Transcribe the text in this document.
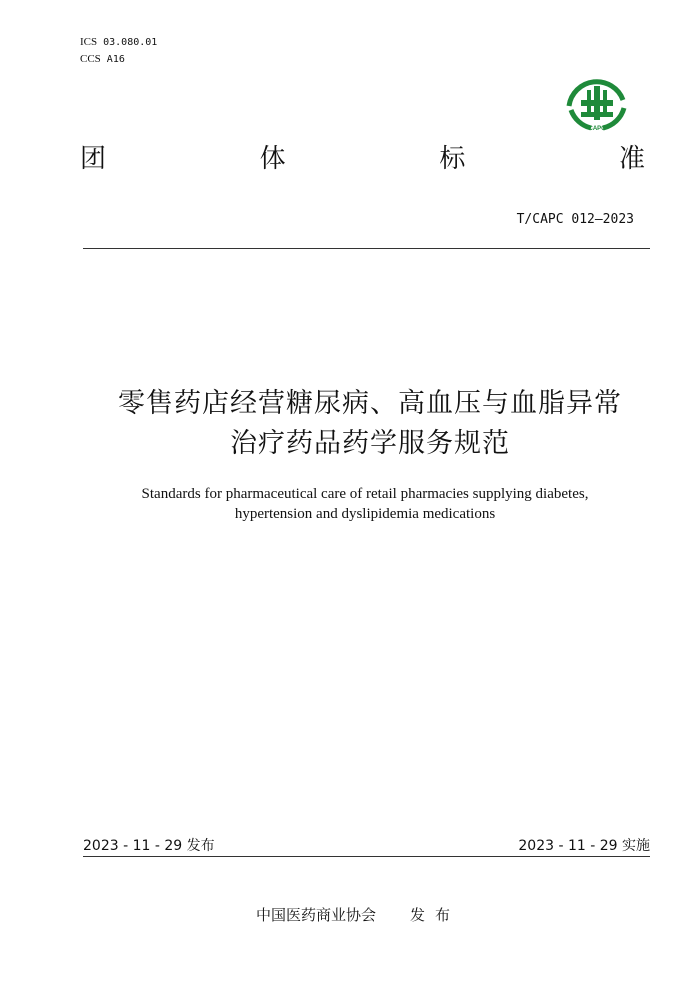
ICS 03.080.01
CCS A16
CAPC
团	体	标	准
T/CAPC 012—2023
零售药店经营糖尿病、高血压与血脂异常
治疗药品药学服务规范
Standards for pharmaceutical care of retail pharmacies supplying diabetes,
hypertension and dyslipidemia medications
2023 - 11 - 29 发布	2023 - 11 - 29 实施
中国医药商业协会 发布
